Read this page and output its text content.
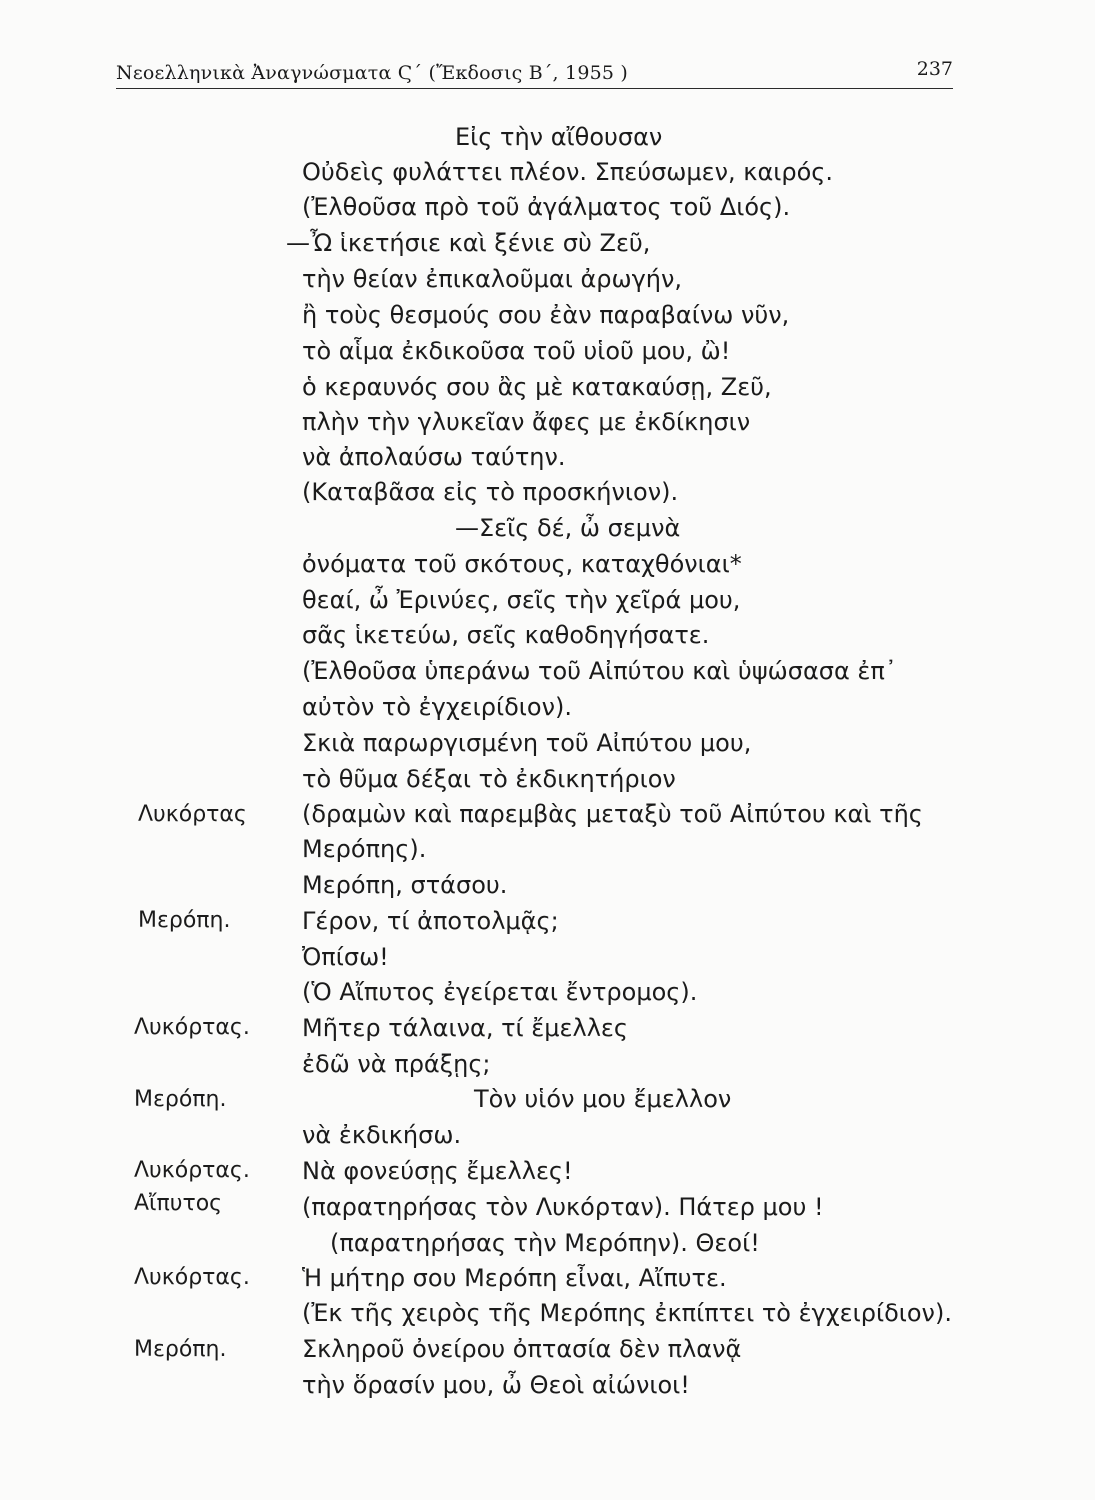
Νεοελληνικὰ Ἀναγνώσματα Ϛ΄ (Ἔκδοσις Β΄, 1955 )	237
Εἰς τὴν αἴθουσαν
Οὐδεὶς φυλάττει πλέον. Σπεύσωμεν, καιρός.
(Ἐλθοῦσα πρὸ τοῦ ἀγάλματος τοῦ Διός).
—Ὦ ἱκετήσιε καὶ ξένιε σὺ Ζεῦ,
τὴν θείαν ἐπικαλοῦμαι ἀρωγήν,
ἢ τοὺς θεσμούς σου ἐὰν παραβαίνω νῦν,
τὸ αἷμα ἐκδικοῦσα τοῦ υἱοῦ μου, ὢ!
ὁ κεραυνός σου ἂς μὲ κατακαύσῃ, Ζεῦ,
πλὴν τὴν γλυκεῖαν ἄφες με ἐκδίκησιν
νὰ ἀπολαύσω ταύτην.
(Καταβᾶσα εἰς τὸ προσκήνιον).
—Σεῖς δέ, ὦ σεμνὰ
ὀνόματα τοῦ σκότους, καταχθόνιαι*
θεαί, ὦ Ἐρινύες, σεῖς τὴν χεῖρά μου,
σᾶς ἱκετεύω, σεῖς καθοδηγήσατε.
(Ἐλθοῦσα ὑπεράνω τοῦ Αἰπύτου καὶ ὑψώσασα ἐπ᾽
αὐτὸν τὸ ἐγχειρίδιον).
Σκιὰ παρωργισμένη τοῦ Αἰπύτου μου,
τὸ θῦμα δέξαι τὸ ἐκδικητήριον
(δραμὼν καὶ παρεμβὰς μεταξὺ τοῦ Αἰπύτου καὶ τῆς
Μερόπης).
Μερόπη, στάσου.
Γέρον, τί ἀποτολμᾷς;
Ὀπίσω!
(Ὁ Αἴπυτος ἐγείρεται ἔντρομος).
Μῆτερ τάλαινα, τί ἔμελλες
ἐδῶ νὰ πράξῃς;
Τὸν υἱόν μου ἔμελλον
νὰ ἐκδικήσω.
Νὰ φονεύσῃς ἔμελλες!
(παρατηρήσας τὸν Λυκόρταν). Πάτερ μου !
(παρατηρήσας τὴν Μερόπην). Θεοί!
Ἡ μήτηρ σου Μερόπη εἶναι, Αἴπυτε.
(Ἐκ τῆς χειρὸς τῆς Μερόπης ἐκπίπτει τὸ ἐγχειρίδιον).
Σκληροῦ ὀνείρου ὀπτασία δὲν πλανᾷ
τὴν ὅρασίν μου, ὦ Θεοὶ αἰώνιοι!
Λυκόρτας
Μερόπη.
Λυκόρτας.
Μερόπη.
Λυκόρτας.
Αἴπυτος
Λυκόρτας.
Μερόπη.
